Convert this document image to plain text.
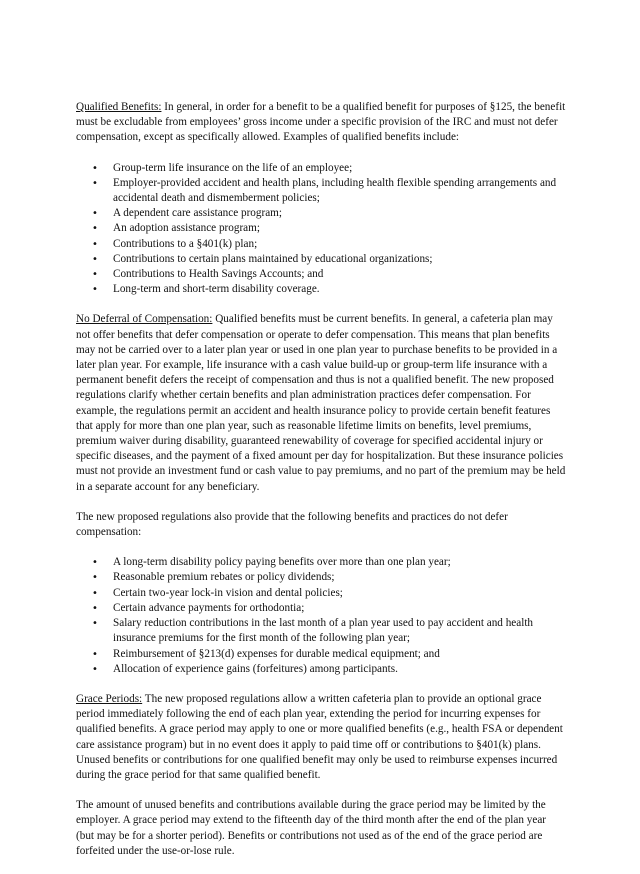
Qualified Benefits: In general, in order for a benefit to be a qualified benefit for purposes of §125, the benefit must be excludable from employees’ gross income under a specific provision of the IRC and must not defer compensation, except as specifically allowed. Examples of qualified benefits include:

• Group-term life insurance on the life of an employee;
• Employer-provided accident and health plans, including health flexible spending arrangements and accidental death and dismemberment policies;
• A dependent care assistance program;
• An adoption assistance program;
• Contributions to a §401(k) plan;
• Contributions to certain plans maintained by educational organizations;
• Contributions to Health Savings Accounts; and
• Long-term and short-term disability coverage.

No Deferral of Compensation: Qualified benefits must be current benefits. In general, a cafeteria plan may not offer benefits that defer compensation or operate to defer compensation. This means that plan benefits may not be carried over to a later plan year or used in one plan year to purchase benefits to be provided in a later plan year. For example, life insurance with a cash value build-up or group-term life insurance with a permanent benefit defers the receipt of compensation and thus is not a qualified benefit. The new proposed regulations clarify whether certain benefits and plan administration practices defer compensation. For example, the regulations permit an accident and health insurance policy to provide certain benefit features that apply for more than one plan year, such as reasonable lifetime limits on benefits, level premiums, premium waiver during disability, guaranteed renewability of coverage for specified accidental injury or specific diseases, and the payment of a fixed amount per day for hospitalization. But these insurance policies must not provide an investment fund or cash value to pay premiums, and no part of the premium may be held in a separate account for any beneficiary.

The new proposed regulations also provide that the following benefits and practices do not defer compensation:

• A long-term disability policy paying benefits over more than one plan year;
• Reasonable premium rebates or policy dividends;
• Certain two-year lock-in vision and dental policies;
• Certain advance payments for orthodontia;
• Salary reduction contributions in the last month of a plan year used to pay accident and health insurance premiums for the first month of the following plan year;
• Reimbursement of §213(d) expenses for durable medical equipment; and
• Allocation of experience gains (forfeitures) among participants.

Grace Periods: The new proposed regulations allow a written cafeteria plan to provide an optional grace period immediately following the end of each plan year, extending the period for incurring expenses for qualified benefits. A grace period may apply to one or more qualified benefits (e.g., health FSA or dependent care assistance program) but in no event does it apply to paid time off or contributions to §401(k) plans. Unused benefits or contributions for one qualified benefit may only be used to reimburse expenses incurred during the grace period for that same qualified benefit.

The amount of unused benefits and contributions available during the grace period may be limited by the employer. A grace period may extend to the fifteenth day of the third month after the end of the plan year (but may be for a shorter period). Benefits or contributions not used as of the end of the grace period are forfeited under the use-or-lose rule.
